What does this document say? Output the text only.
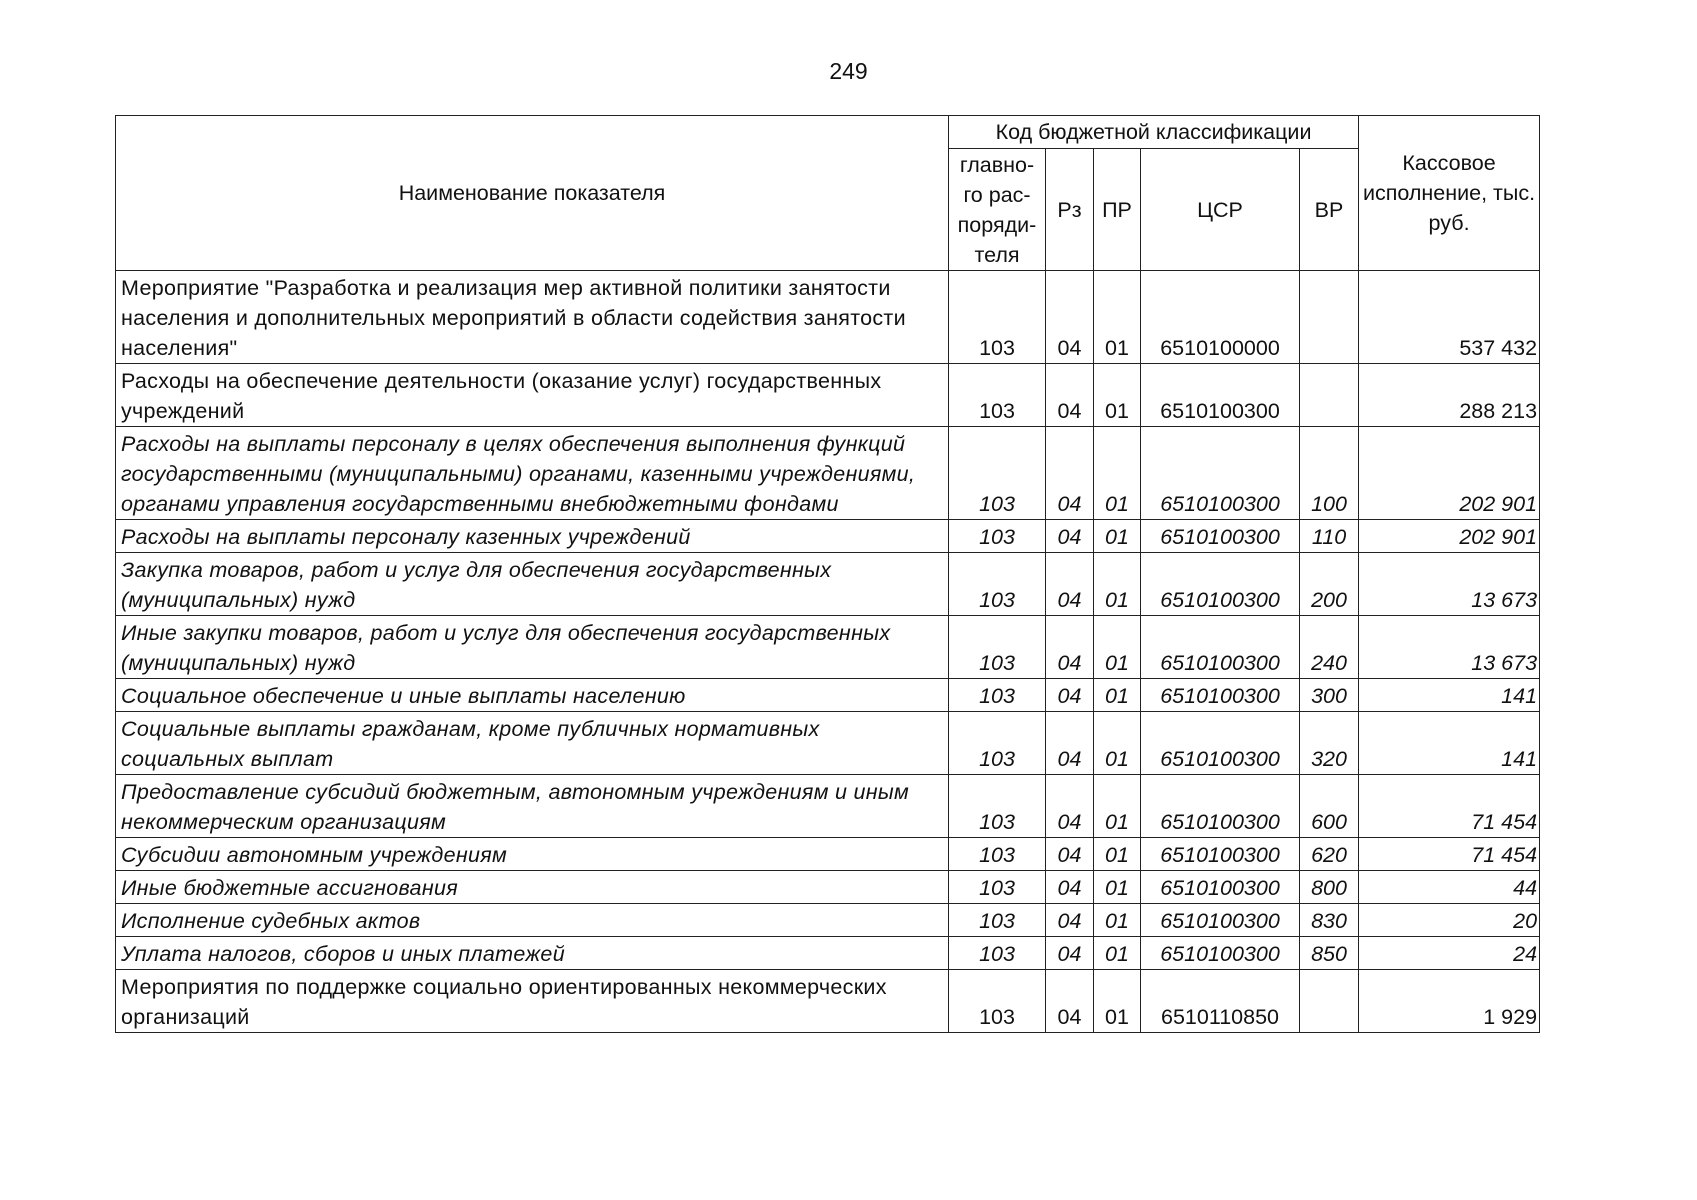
249
Наименование показателя	Код бюджетной классификации					Кассовое исполнение, тыс. руб.
	главно-го рас-поряди-теля	Рз	ПР	ЦСР	ВР	
Мероприятие "Разработка и реализация мер активной политики занятости населения и дополнительных мероприятий в области содействия занятости населения"	103	04	01	6510100000		537 432
Расходы на обеспечение деятельности (оказание услуг) государственных учреждений	103	04	01	6510100300		288 213
Расходы на выплаты персоналу в целях обеспечения выполнения функций государственными (муниципальными) органами, казенными учреждениями, органами управления государственными внебюджетными фондами	103	04	01	6510100300	100	202 901
Расходы на выплаты персоналу казенных учреждений	103	04	01	6510100300	110	202 901
Закупка товаров, работ и услуг для обеспечения государственных (муниципальных) нужд	103	04	01	6510100300	200	13 673
Иные закупки товаров, работ и услуг для обеспечения государственных (муниципальных) нужд	103	04	01	6510100300	240	13 673
Социальное обеспечение и иные выплаты населению	103	04	01	6510100300	300	141
Социальные выплаты гражданам, кроме публичных нормативных социальных выплат	103	04	01	6510100300	320	141
Предоставление субсидий бюджетным, автономным учреждениям и иным некоммерческим организациям	103	04	01	6510100300	600	71 454
Субсидии автономным учреждениям	103	04	01	6510100300	620	71 454
Иные бюджетные ассигнования	103	04	01	6510100300	800	44
Исполнение судебных актов	103	04	01	6510100300	830	20
Уплата налогов, сборов и иных платежей	103	04	01	6510100300	850	24
Мероприятия по поддержке социально ориентированных некоммерческих организаций	103	04	01	6510110850		1 929
